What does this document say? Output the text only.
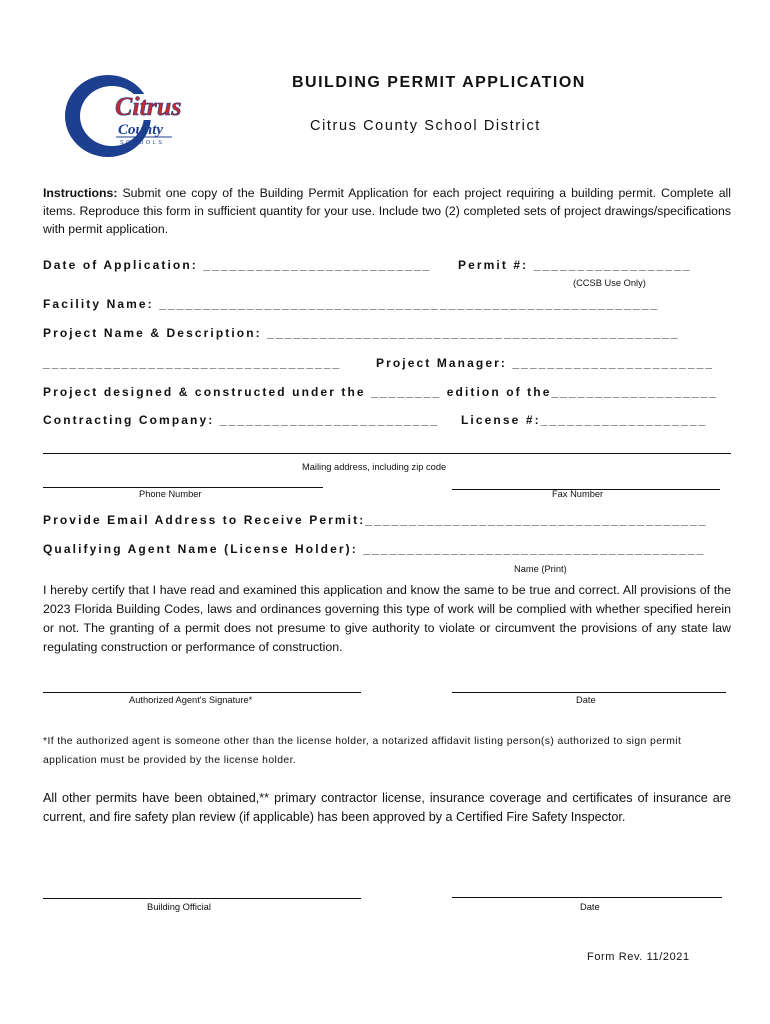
Citrus
County
SCHOOLS
BUILDING PERMIT APPLICATION
Citrus County School District
Instructions: Submit one copy of the Building Permit Application for each project requiring a building permit. Complete all items. Reproduce this form in sufficient quantity for your use. Include two (2) completed sets of project drawings/specifications with permit application.
Date of Application: __________________________ Permit #: __________________
(CCSB Use Only)
Facility Name: _________________________________________________________
Project Name & Description: _______________________________________________
__________________________________	Project Manager: _______________________
Project designed & constructed under the ________ edition of the___________________
Contracting Company: _________________________ License #:___________________
Mailing address, including zip code
Phone Number	Fax Number
Provide Email Address to Receive Permit:_______________________________________
Qualifying Agent Name (License Holder): _______________________________________
Name (Print)
I hereby certify that I have read and examined this application and know the same to be true and correct. All provisions of the 2023 Florida Building Codes, laws and ordinances governing this type of work will be complied with whether specified herein or not. The granting of a permit does not presume to give authority to violate or circumvent the provisions of any state law regulating construction or performance of construction.
Authorized Agent's Signature*	Date
*If the authorized agent is someone other than the license holder, a notarized affidavit listing person(s) authorized to sign permit application must be provided by the license holder.
All other permits have been obtained,** primary contractor license, insurance coverage and certificates of insurance are current, and fire safety plan review (if applicable) has been approved by a Certified Fire Safety Inspector.
Building Official	Date
Form Rev. 11/2021
